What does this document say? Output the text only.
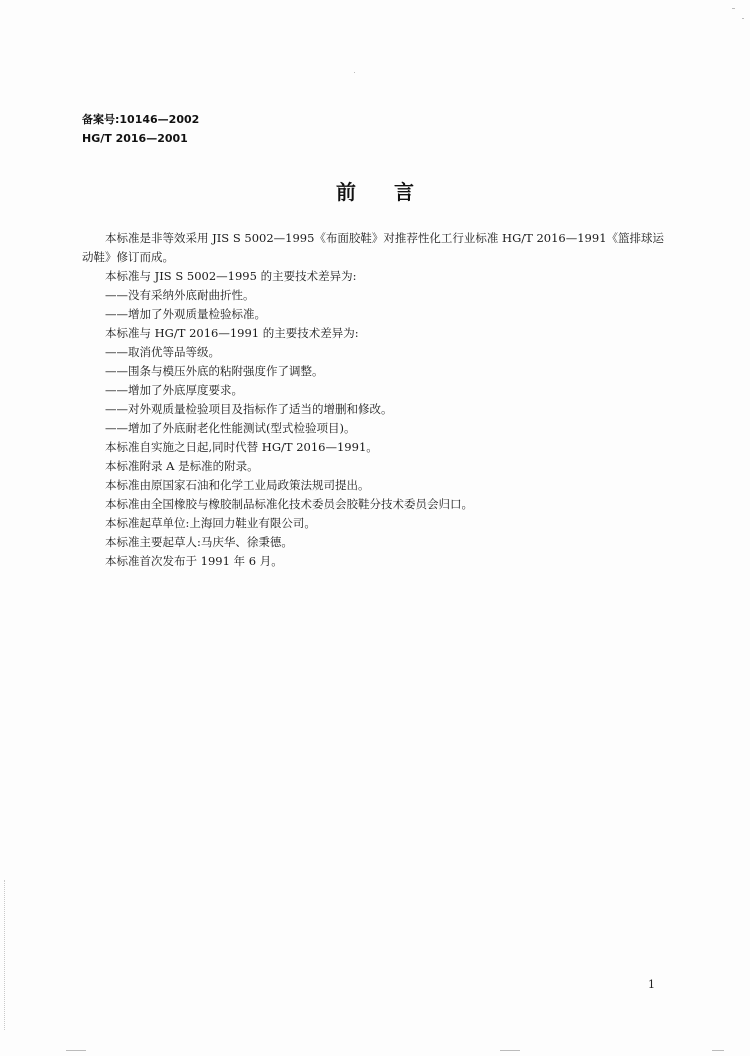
备案号:10146—2002
HG/T 2016—2001
前言

本标准是非等效采用 JIS S 5002—1995《布面胶鞋》对推荐性化工行业标准 HG/T 2016—1991《篮排球运动鞋》修订而成。

本标准与 JIS S 5002—1995 的主要技术差异为:

——没有采纳外底耐曲折性。

——增加了外观质量检验标准。

本标准与 HG/T 2016—1991 的主要技术差异为:

——取消优等品等级。

——围条与模压外底的粘附强度作了调整。

——增加了外底厚度要求。

——对外观质量检验项目及指标作了适当的增删和修改。

——增加了外底耐老化性能测试(型式检验项目)。

本标准自实施之日起,同时代替 HG/T 2016—1991。

本标准附录 A 是标准的附录。

本标准由原国家石油和化学工业局政策法规司提出。

本标准由全国橡胶与橡胶制品标准化技术委员会胶鞋分技术委员会归口。

本标准起草单位:上海回力鞋业有限公司。

本标准主要起草人:马庆华、徐秉德。

本标准首次发布于 1991 年 6 月。

1
